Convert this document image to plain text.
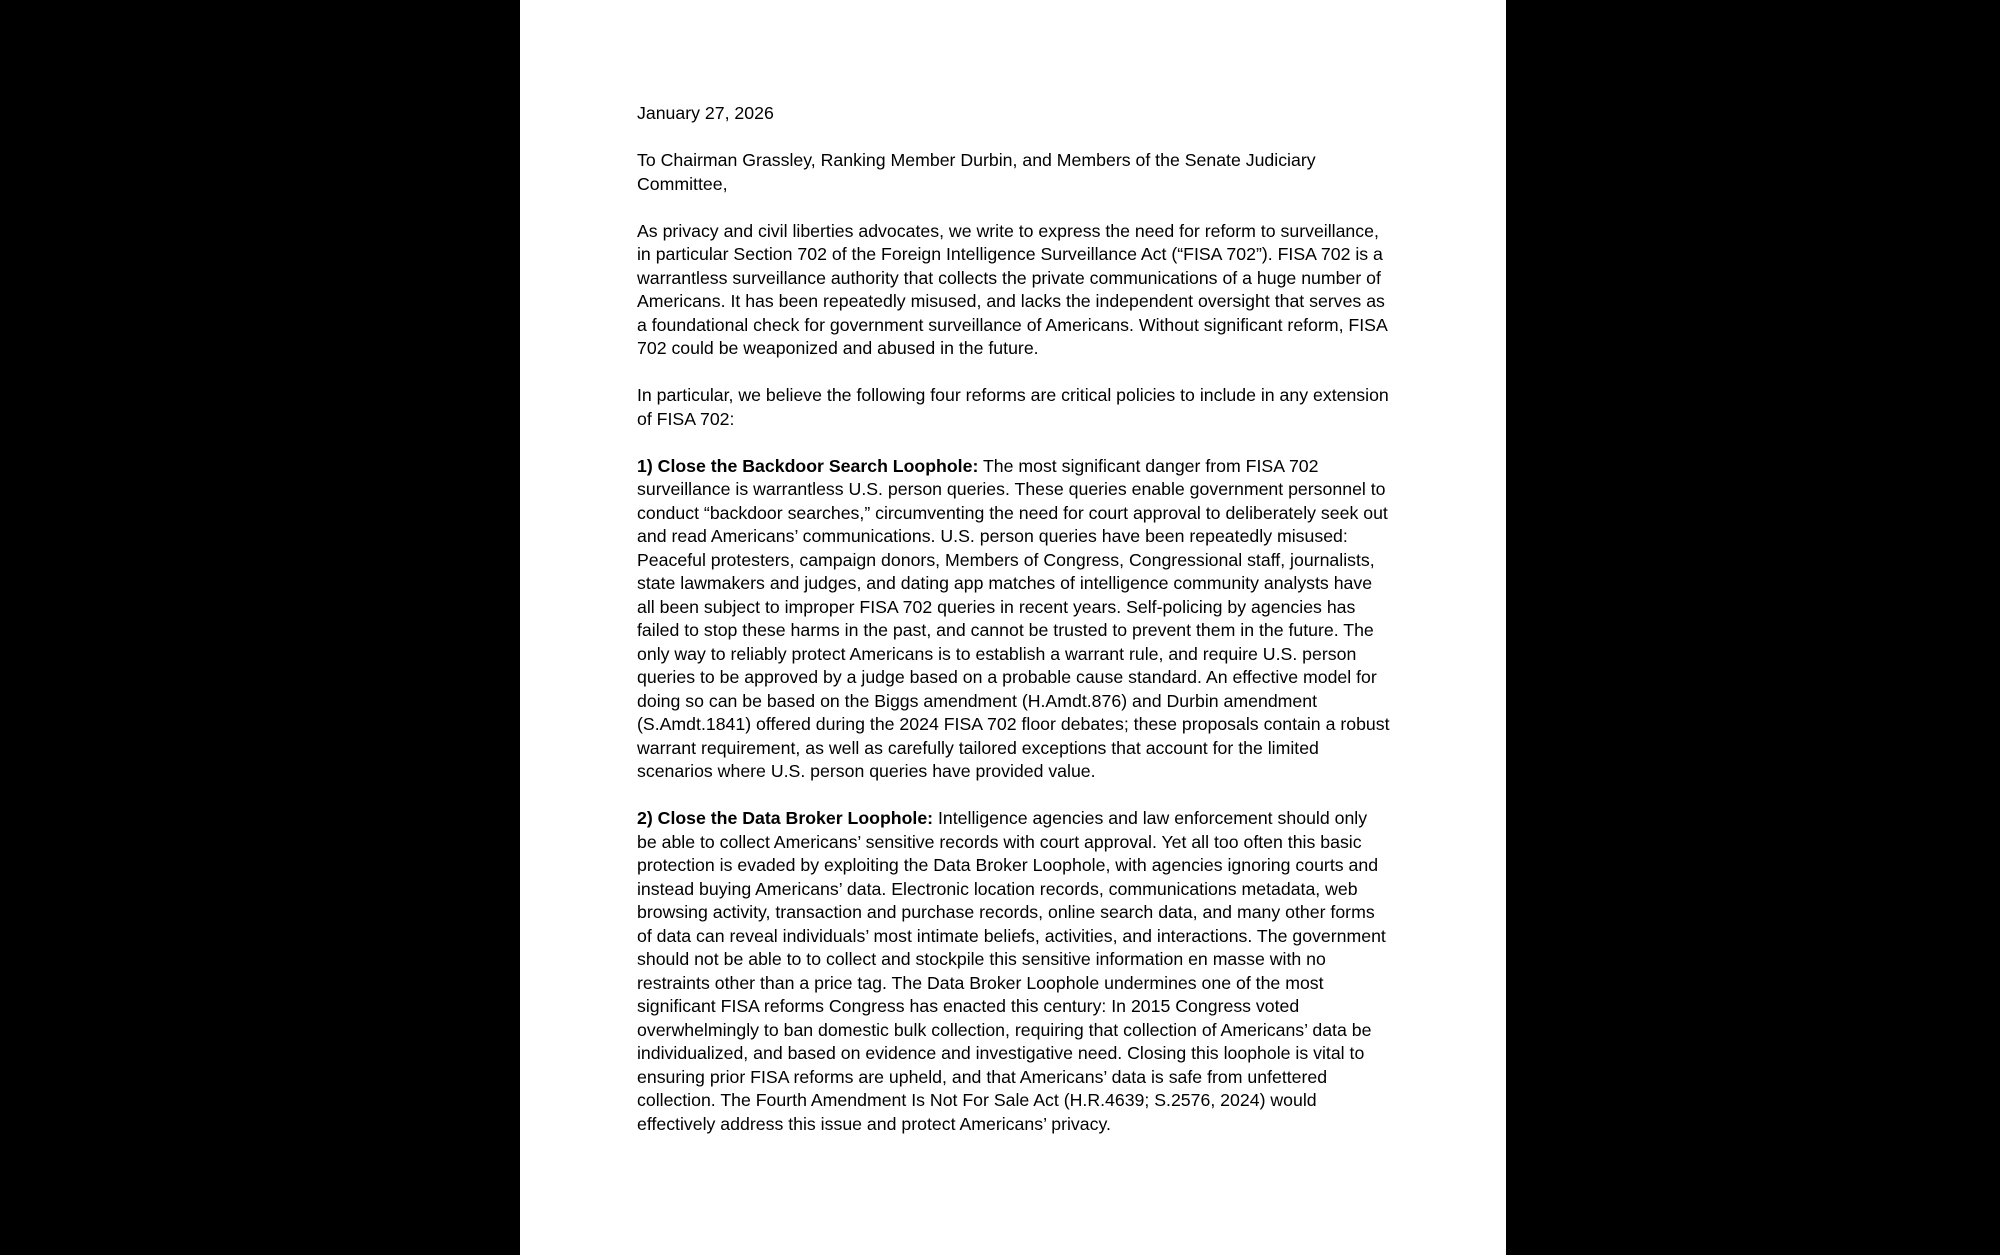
January 27, 2026

To Chairman Grassley, Ranking Member Durbin, and Members of the Senate Judiciary Committee,

As privacy and civil liberties advocates, we write to express the need for reform to surveillance, in particular Section 702 of the Foreign Intelligence Surveillance Act (“FISA 702”). FISA 702 is a warrantless surveillance authority that collects the private communications of a huge number of Americans. It has been repeatedly misused, and lacks the independent oversight that serves as a foundational check for government surveillance of Americans. Without significant reform, FISA 702 could be weaponized and abused in the future.

In particular, we believe the following four reforms are critical policies to include in any extension of FISA 702:

1) Close the Backdoor Search Loophole: The most significant danger from FISA 702 surveillance is warrantless U.S. person queries. These queries enable government personnel to conduct “backdoor searches,” circumventing the need for court approval to deliberately seek out and read Americans’ communications. U.S. person queries have been repeatedly misused: Peaceful protesters, campaign donors, Members of Congress, Congressional staff, journalists, state lawmakers and judges, and dating app matches of intelligence community analysts have all been subject to improper FISA 702 queries in recent years. Self-policing by agencies has failed to stop these harms in the past, and cannot be trusted to prevent them in the future. The only way to reliably protect Americans is to establish a warrant rule, and require U.S. person queries to be approved by a judge based on a probable cause standard. An effective model for doing so can be based on the Biggs amendment (H.Amdt.876) and Durbin amendment (S.Amdt.1841) offered during the 2024 FISA 702 floor debates; these proposals contain a robust warrant requirement, as well as carefully tailored exceptions that account for the limited scenarios where U.S. person queries have provided value.

2) Close the Data Broker Loophole: Intelligence agencies and law enforcement should only be able to collect Americans’ sensitive records with court approval. Yet all too often this basic protection is evaded by exploiting the Data Broker Loophole, with agencies ignoring courts and instead buying Americans’ data. Electronic location records, communications metadata, web browsing activity, transaction and purchase records, online search data, and many other forms of data can reveal individuals’ most intimate beliefs, activities, and interactions. The government should not be able to to collect and stockpile this sensitive information en masse with no restraints other than a price tag. The Data Broker Loophole undermines one of the most significant FISA reforms Congress has enacted this century: In 2015 Congress voted overwhelmingly to ban domestic bulk collection, requiring that collection of Americans’ data be individualized, and based on evidence and investigative need. Closing this loophole is vital to ensuring prior FISA reforms are upheld, and that Americans’ data is safe from unfettered collection. The Fourth Amendment Is Not For Sale Act (H.R.4639; S.2576, 2024) would effectively address this issue and protect Americans’ privacy.
